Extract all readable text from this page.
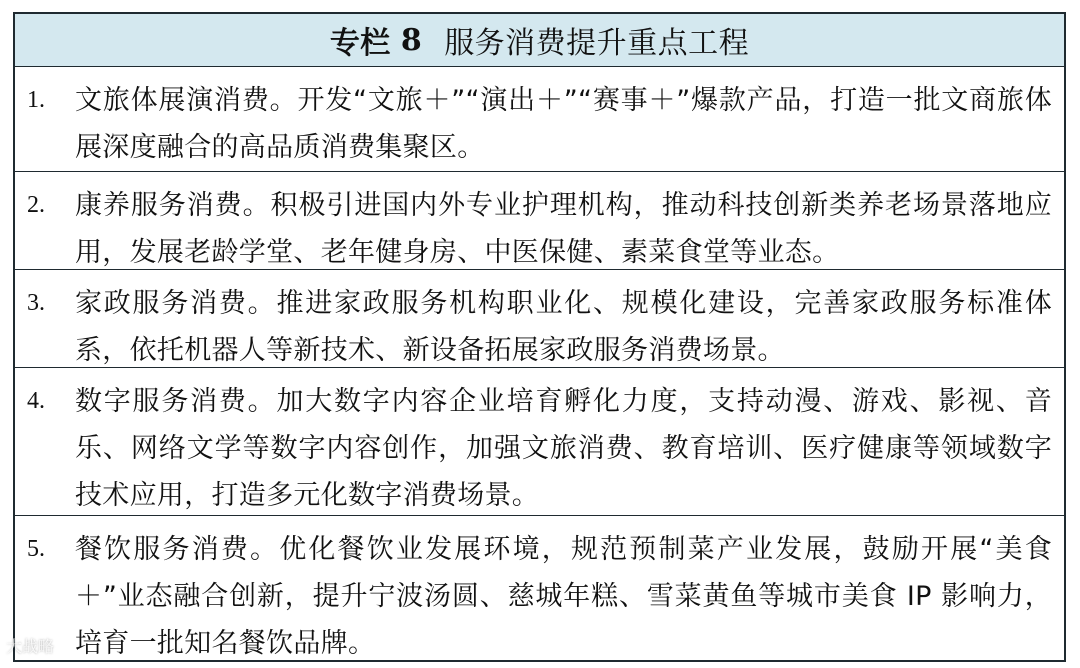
专栏 8 服务消费提升重点工程
1. 文旅体展演消费。开发“文旅＋”“演出＋”“赛事＋”爆款产品，打造一批文商旅体展深度融合的高品质消费集聚区。
2. 康养服务消费。积极引进国内外专业护理机构，推动科技创新类养老场景落地应用，发展老龄学堂、老年健身房、中医保健、素菜食堂等业态。
3. 家政服务消费。推进家政服务机构职业化、规模化建设，完善家政服务标准体系，依托机器人等新技术、新设备拓展家政服务消费场景。
4. 数字服务消费。加大数字内容企业培育孵化力度，支持动漫、游戏、影视、音乐、网络文学等数字内容创作，加强文旅消费、教育培训、医疗健康等领域数字技术应用，打造多元化数字消费场景。
5. 餐饮服务消费。优化餐饮业发展环境，规范预制菜产业发展，鼓励开展“美食＋”业态融合创新，提升宁波汤圆、慈城年糕、雪菜黄鱼等城市美食 IP 影响力，培育一批知名餐饮品牌。
大战略
